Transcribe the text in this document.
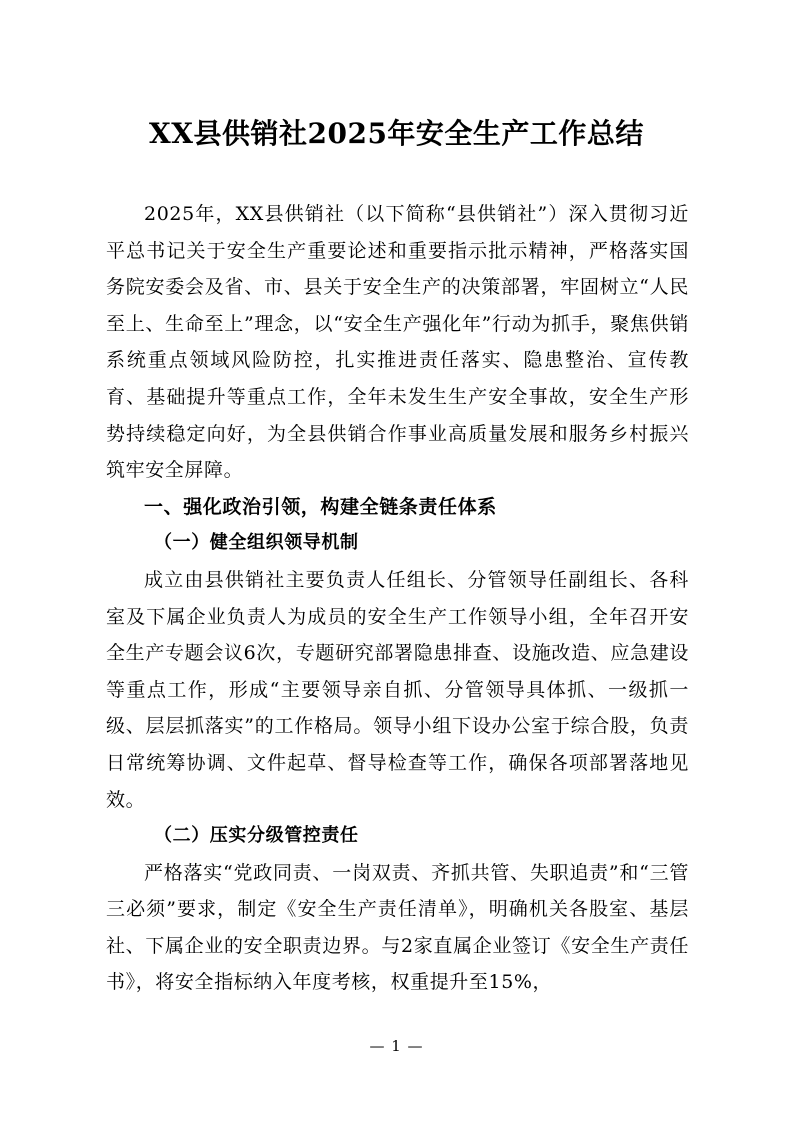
XX县供销社2025年安全生产工作总结

2025年，XX县供销社（以下简称“县供销社”）深入贯彻习近平总书记关于安全生产重要论述和重要指示批示精神，严格落实国务院安委会及省、市、县关于安全生产的决策部署，牢固树立“人民至上、生命至上”理念，以“安全生产强化年”行动为抓手，聚焦供销系统重点领域风险防控，扎实推进责任落实、隐患整治、宣传教育、基础提升等重点工作，全年未发生生产安全事故，安全生产形势持续稳定向好，为全县供销合作事业高质量发展和服务乡村振兴筑牢安全屏障。

一、强化政治引领，构建全链条责任体系

（一）健全组织领导机制

成立由县供销社主要负责人任组长、分管领导任副组长、各科室及下属企业负责人为成员的安全生产工作领导小组，全年召开安全生产专题会议6次，专题研究部署隐患排查、设施改造、应急建设等重点工作，形成“主要领导亲自抓、分管领导具体抓、一级抓一级、层层抓落实”的工作格局。领导小组下设办公室于综合股，负责日常统筹协调、文件起草、督导检查等工作，确保各项部署落地见效。

（二）压实分级管控责任

严格落实“党政同责、一岗双责、齐抓共管、失职追责”和“三管三必须”要求，制定《安全生产责任清单》，明确机关各股室、基层社、下属企业的安全职责边界。与2家直属企业签订《安全生产责任书》，将安全指标纳入年度考核，权重提升至15%，

— 1 —
